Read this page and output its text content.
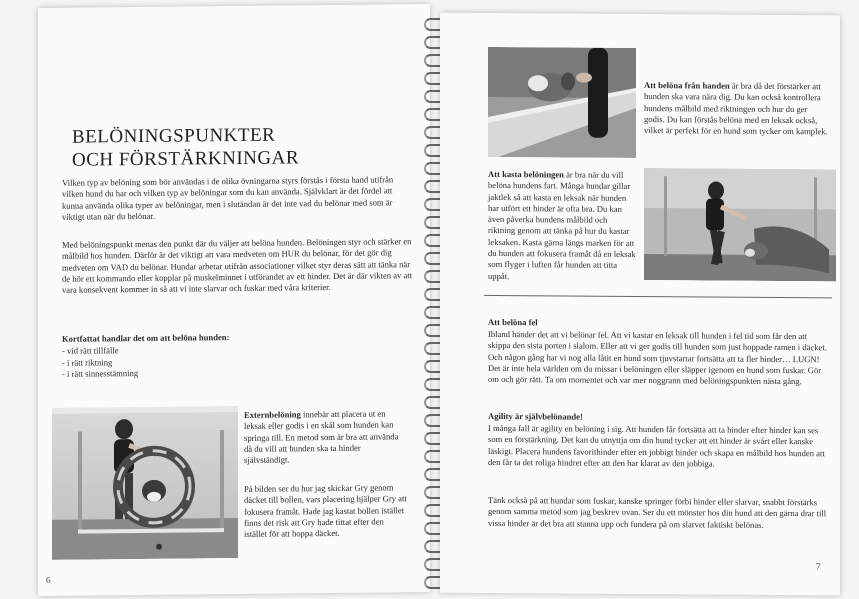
BELÖNINGSPUNKTER
OCH FÖRSTÄRKNINGAR
Vilken typ av belöning som bör användas i de olika övningarna styrs förstås i första hand utifrån vilken hund du har och vilken typ av belöningar som du kan använda. Självklart är det fördel att kunna använda olika typer av belöningar, men i slutändan är det inte vad du belönar med som är viktigt utan när du belönar.
Med belöningspunkt menas den punkt där du väljer att belöna hunden. Belöningen styr och stärker en målbild hos hunden. Därför är det viktigt att vara medveten om HUR du belönar, för det gör dig medveten om VAD du belönar. Hundar arbetar utifrån associationer vilket styr deras sätt att tänka när de hör ett kommando eller kopplar på muskelminnet i utförandet av ett hinder. Det är där vikten av att vara konsekvent kommer in så att vi inte slarvar och fuskar med våra kriterier.
Kortfattat handlar det om att belöna hunden:
- vid rätt tillfälle
- i rätt riktning
- i rätt sinnesstämning
Externbelöning innebär att placera ut en leksak eller godis i en skål som hunden kan springa till. En metod som är bra att använda då du vill att hunden ska ta hinder självständigt.
På bilden ser du hur jag skickar Gry genom däcket till bollen, vars placering hjälper Gry att fokusera framåt. Hade jag kastat bollen istället finns det risk att Gry hade tittat efter den istället för att hoppa däcket.
6
Att belöna från handen är bra då det förstärker att hunden ska vara nära dig. Du kan också kontrollera hundens målbild med riktningen och hur du ger godis. Du kan förstås belöna med en leksak också, vilket är perfekt för en hund som tycker om kamplek.
Att kasta belöningen är bra när du vill belöna hundens fart. Många hundar gillar jaktlek så att kasta en leksak när hunden har utfört ett hinder är ofta bra. Du kan även påverka hundens målbild och riktning genom att tänka på hur du kastar leksaken. Kasta gärna längs marken för att du hunden att fokusera framåt då en leksak som flyger i luften får hunden att titta uppåt.
Att belöna fel
Ibland händer det att vi belönar fel. Att vi kastar en leksak till hunden i fel tid som får den att skippa den sista porten i slalom. Eller att vi ger godis till hunden som just hoppade ramen i däcket. Och någon gång har vi nog alla låtit en hund som tjuvstartar fortsätta att ta fler hinder… LUGN! Det är inte hela världen om du missar i belöningen eller släpper igenom en hund som fuskar. Gör om och gör rätt. Ta om momentet och var mer noggrann med belöningspunkten nästa gång.
Agility är självbelönande!
I många fall är agility en belöning i sig. Att hunden får fortsätta att ta hinder efter hinder kan ses som en förstärkning. Det kan du utnyttja om din hund tycker att ett hinder är svårt eller kanske läskigt. Placera hundens favorithinder efter ett jobbigt hinder och skapa en målbild hos hunden att den får ta det roliga hindret efter att den har klarat av den jobbiga.
Tänk också på att hundar som fuskar, kanske springer förbi hinder eller slarvar, snabbt förstärks genom samma metod som jag beskrev ovan. Ser du ett mönster hos din hund att den gärna drar till vissa hinder är det bra att stanna upp och fundera på om slarvet faktiskt belönas.
7
